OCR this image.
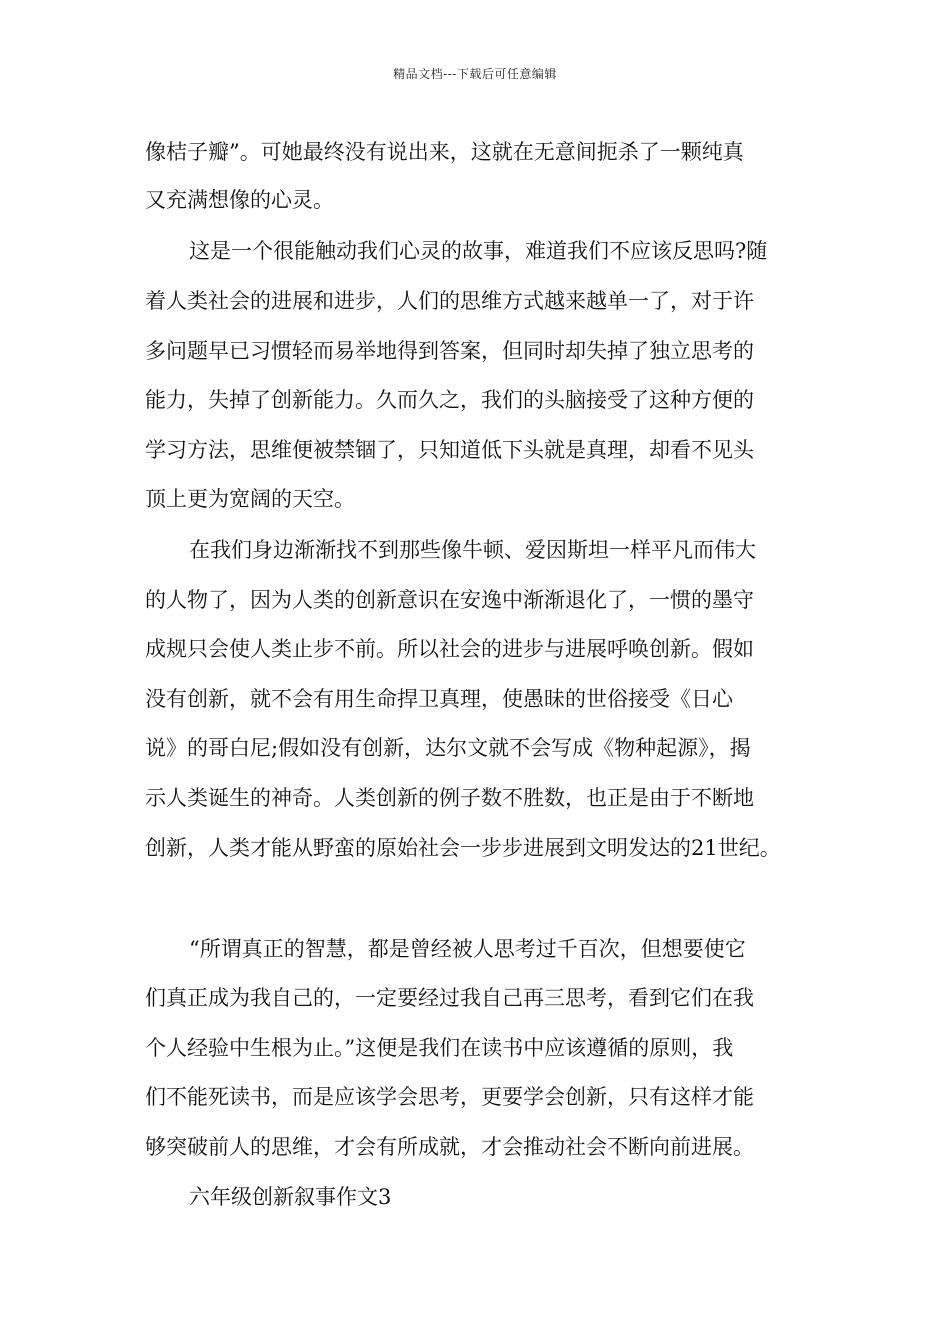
精品文档---下载后可任意编辑
像桔子瓣”。可她最终没有说出来，这就在无意间扼杀了一颗纯真
又充满想像的心灵。
这是一个很能触动我们心灵的故事，难道我们不应该反思吗?随
着人类社会的进展和进步，人们的思维方式越来越单一了，对于许
多问题早已习惯轻而易举地得到答案，但同时却失掉了独立思考的
能力，失掉了创新能力。久而久之，我们的头脑接受了这种方便的
学习方法，思维便被禁锢了，只知道低下头就是真理，却看不见头
顶上更为宽阔的天空。
在我们身边渐渐找不到那些像牛顿、爱因斯坦一样平凡而伟大
的人物了，因为人类的创新意识在安逸中渐渐退化了，一惯的墨守
成规只会使人类止步不前。所以社会的进步与进展呼唤创新。假如
没有创新，就不会有用生命捍卫真理，使愚昧的世俗接受《日心
说》的哥白尼;假如没有创新，达尔文就不会写成《物种起源》，揭
示人类诞生的神奇。人类创新的例子数不胜数，也正是由于不断地
创新，人类才能从野蛮的原始社会一步步进展到文明发达的21世纪。
“所谓真正的智慧，都是曾经被人思考过千百次，但想要使它
们真正成为我自己的，一定要经过我自己再三思考，看到它们在我
个人经验中生根为止。”这便是我们在读书中应该遵循的原则，我
们不能死读书，而是应该学会思考，更要学会创新，只有这样才能
够突破前人的思维，才会有所成就，才会推动社会不断向前进展。
六年级创新叙事作文3
